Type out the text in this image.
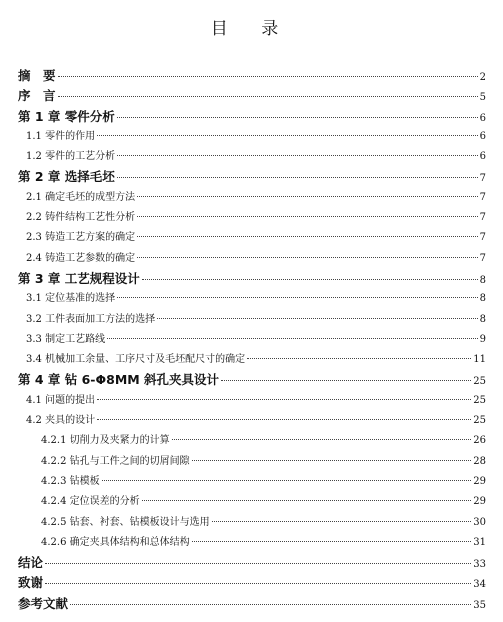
目 录
摘　要	2
序　言	5
第 1 章 零件分析	6
1.1 零件的作用	6
1.2 零件的工艺分析	6
第 2 章 选择毛坯	7
2.1 确定毛坯的成型方法	7
2.2 铸件结构工艺性分析	7
2.3 铸造工艺方案的确定	7
2.4 铸造工艺参数的确定	7
第 3 章 工艺规程设计	8
3.1 定位基准的选择	8
3.2 工件表面加工方法的选择	8
3.3 制定工艺路线	9
3.4 机械加工余量、工序尺寸及毛坯配尺寸的确定	11
第 4 章 钻 6-Φ8MM 斜孔夹具设计	25
4.1 问题的提出	25
4.2 夹具的设计	25
4.2.1 切削力及夹紧力的计算	26
4.2.2 钻孔与工件之间的切屑间隙	28
4.2.3 钻模板	29
4.2.4 定位误差的分析	29
4.2.5 钻套、衬套、钻模板设计与选用	30
4.2.6 确定夹具体结构和总体结构	31
结论	33
致谢	34
参考文献	35
